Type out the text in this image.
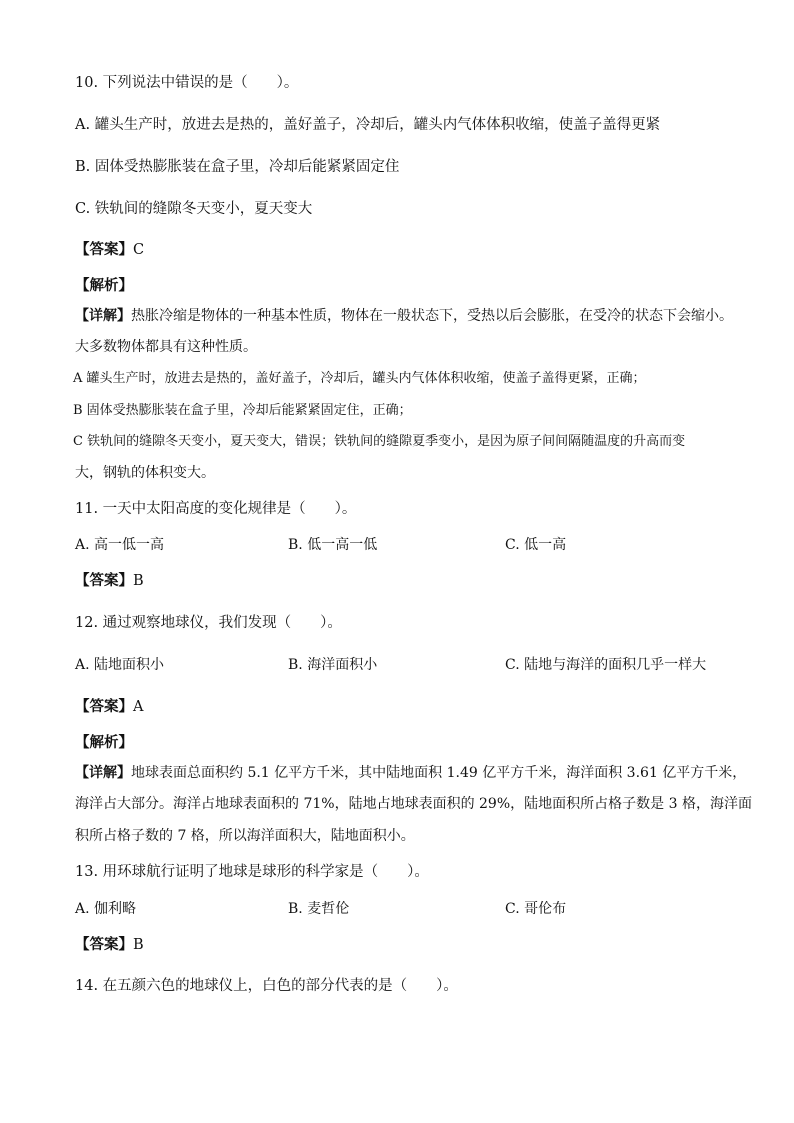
10. 下列说法中错误的是（　　）。
A. 罐头生产时，放进去是热的，盖好盖子，冷却后，罐头内气体体积收缩，使盖子盖得更紧
B. 固体受热膨胀装在盒子里，冷却后能紧紧固定住
C. 铁轨间的缝隙冬天变小，夏天变大
【答案】C
【解析】
【详解】热胀冷缩是物体的一种基本性质，物体在一般状态下，受热以后会膨胀，在受冷的状态下会缩小。
大多数物体都具有这种性质。
A 罐头生产时，放进去是热的，盖好盖子，冷却后，罐头内气体体积收缩，使盖子盖得更紧，正确；
B 固体受热膨胀装在盒子里，冷却后能紧紧固定住，正确；
C 铁轨间的缝隙冬天变小，夏天变大，错误；铁轨间的缝隙夏季变小，是因为原子间间隔随温度的升高而变
大，钢轨的体积变大。
11. 一天中太阳高度的变化规律是（　　）。
A. 高一低一高	B. 低一高一低	C. 低一高
【答案】B
12. 通过观察地球仪，我们发现（　　）。
A. 陆地面积小	B. 海洋面积小	C. 陆地与海洋的面积几乎一样大
【答案】A
【解析】
【详解】地球表面总面积约 5.1 亿平方千米，其中陆地面积 1.49 亿平方千米，海洋面积 3.61 亿平方千米，
海洋占大部分。海洋占地球表面积的 71%，陆地占地球表面积的 29%，陆地面积所占格子数是 3 格，海洋面
积所占格子数的 7 格，所以海洋面积大，陆地面积小。
13. 用环球航行证明了地球是球形的科学家是（　　）。
A. 伽利略	B. 麦哲伦	C. 哥伦布
【答案】B
14. 在五颜六色的地球仪上，白色的部分代表的是（　　）。
